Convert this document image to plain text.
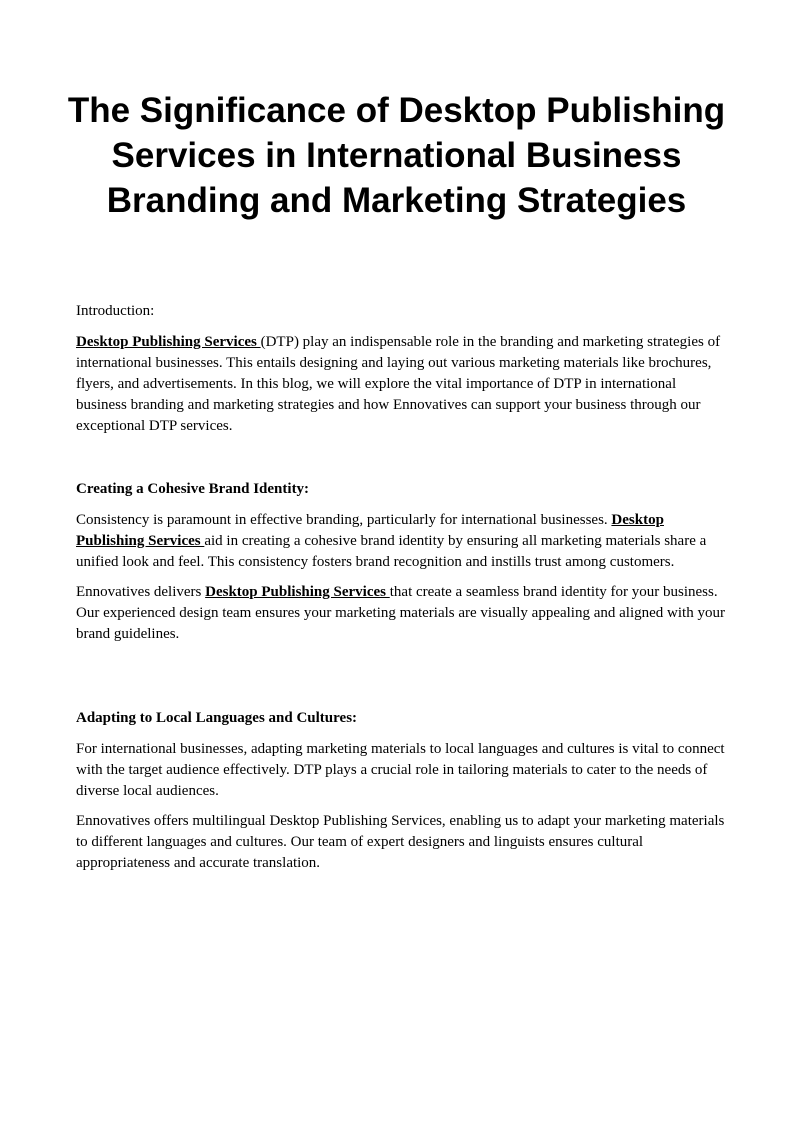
The Significance of Desktop Publishing Services in International Business Branding and Marketing Strategies

Introduction:

Desktop Publishing Services (DTP) play an indispensable role in the branding and marketing strategies of international businesses. This entails designing and laying out various marketing materials like brochures, flyers, and advertisements. In this blog, we will explore the vital importance of DTP in international business branding and marketing strategies and how Ennovatives can support your business through our exceptional DTP services.

Creating a Cohesive Brand Identity:

Consistency is paramount in effective branding, particularly for international businesses. Desktop Publishing Services aid in creating a cohesive brand identity by ensuring all marketing materials share a unified look and feel. This consistency fosters brand recognition and instills trust among customers.

Ennovatives delivers Desktop Publishing Services that create a seamless brand identity for your business. Our experienced design team ensures your marketing materials are visually appealing and aligned with your brand guidelines.

Adapting to Local Languages and Cultures:

For international businesses, adapting marketing materials to local languages and cultures is vital to connect with the target audience effectively. DTP plays a crucial role in tailoring materials to cater to the needs of diverse local audiences.

Ennovatives offers multilingual Desktop Publishing Services, enabling us to adapt your marketing materials to different languages and cultures. Our team of expert designers and linguists ensures cultural appropriateness and accurate translation.
